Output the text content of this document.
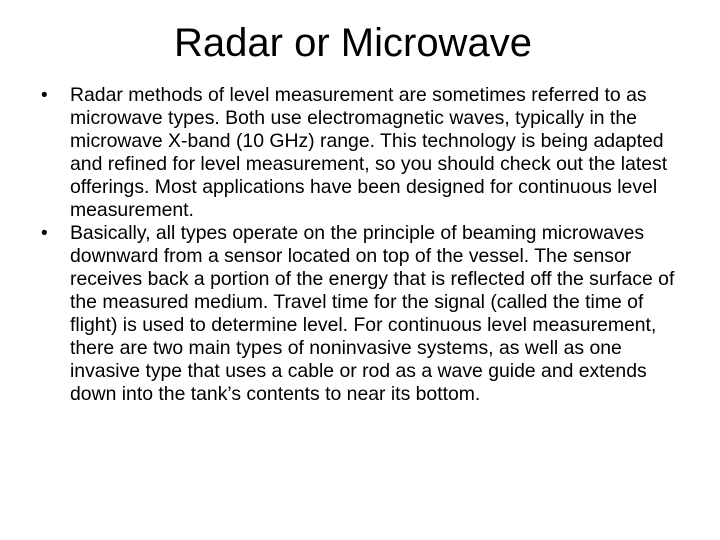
Radar or Microwave
• Radar methods of level measurement are sometimes referred to as microwave types. Both use electromagnetic waves, typically in the microwave X-band (10 GHz) range. This technology is being adapted and refined for level measurement, so you should check out the latest offerings. Most applications have been designed for continuous level measurement.
• Basically, all types operate on the principle of beaming microwaves downward from a sensor located on top of the vessel. The sensor receives back a portion of the energy that is reflected off the surface of the measured medium. Travel time for the signal (called the time of flight) is used to determine level. For continuous level measurement, there are two main types of noninvasive systems, as well as one invasive type that uses a cable or rod as a wave guide and extends down into the tank’s contents to near its bottom.
